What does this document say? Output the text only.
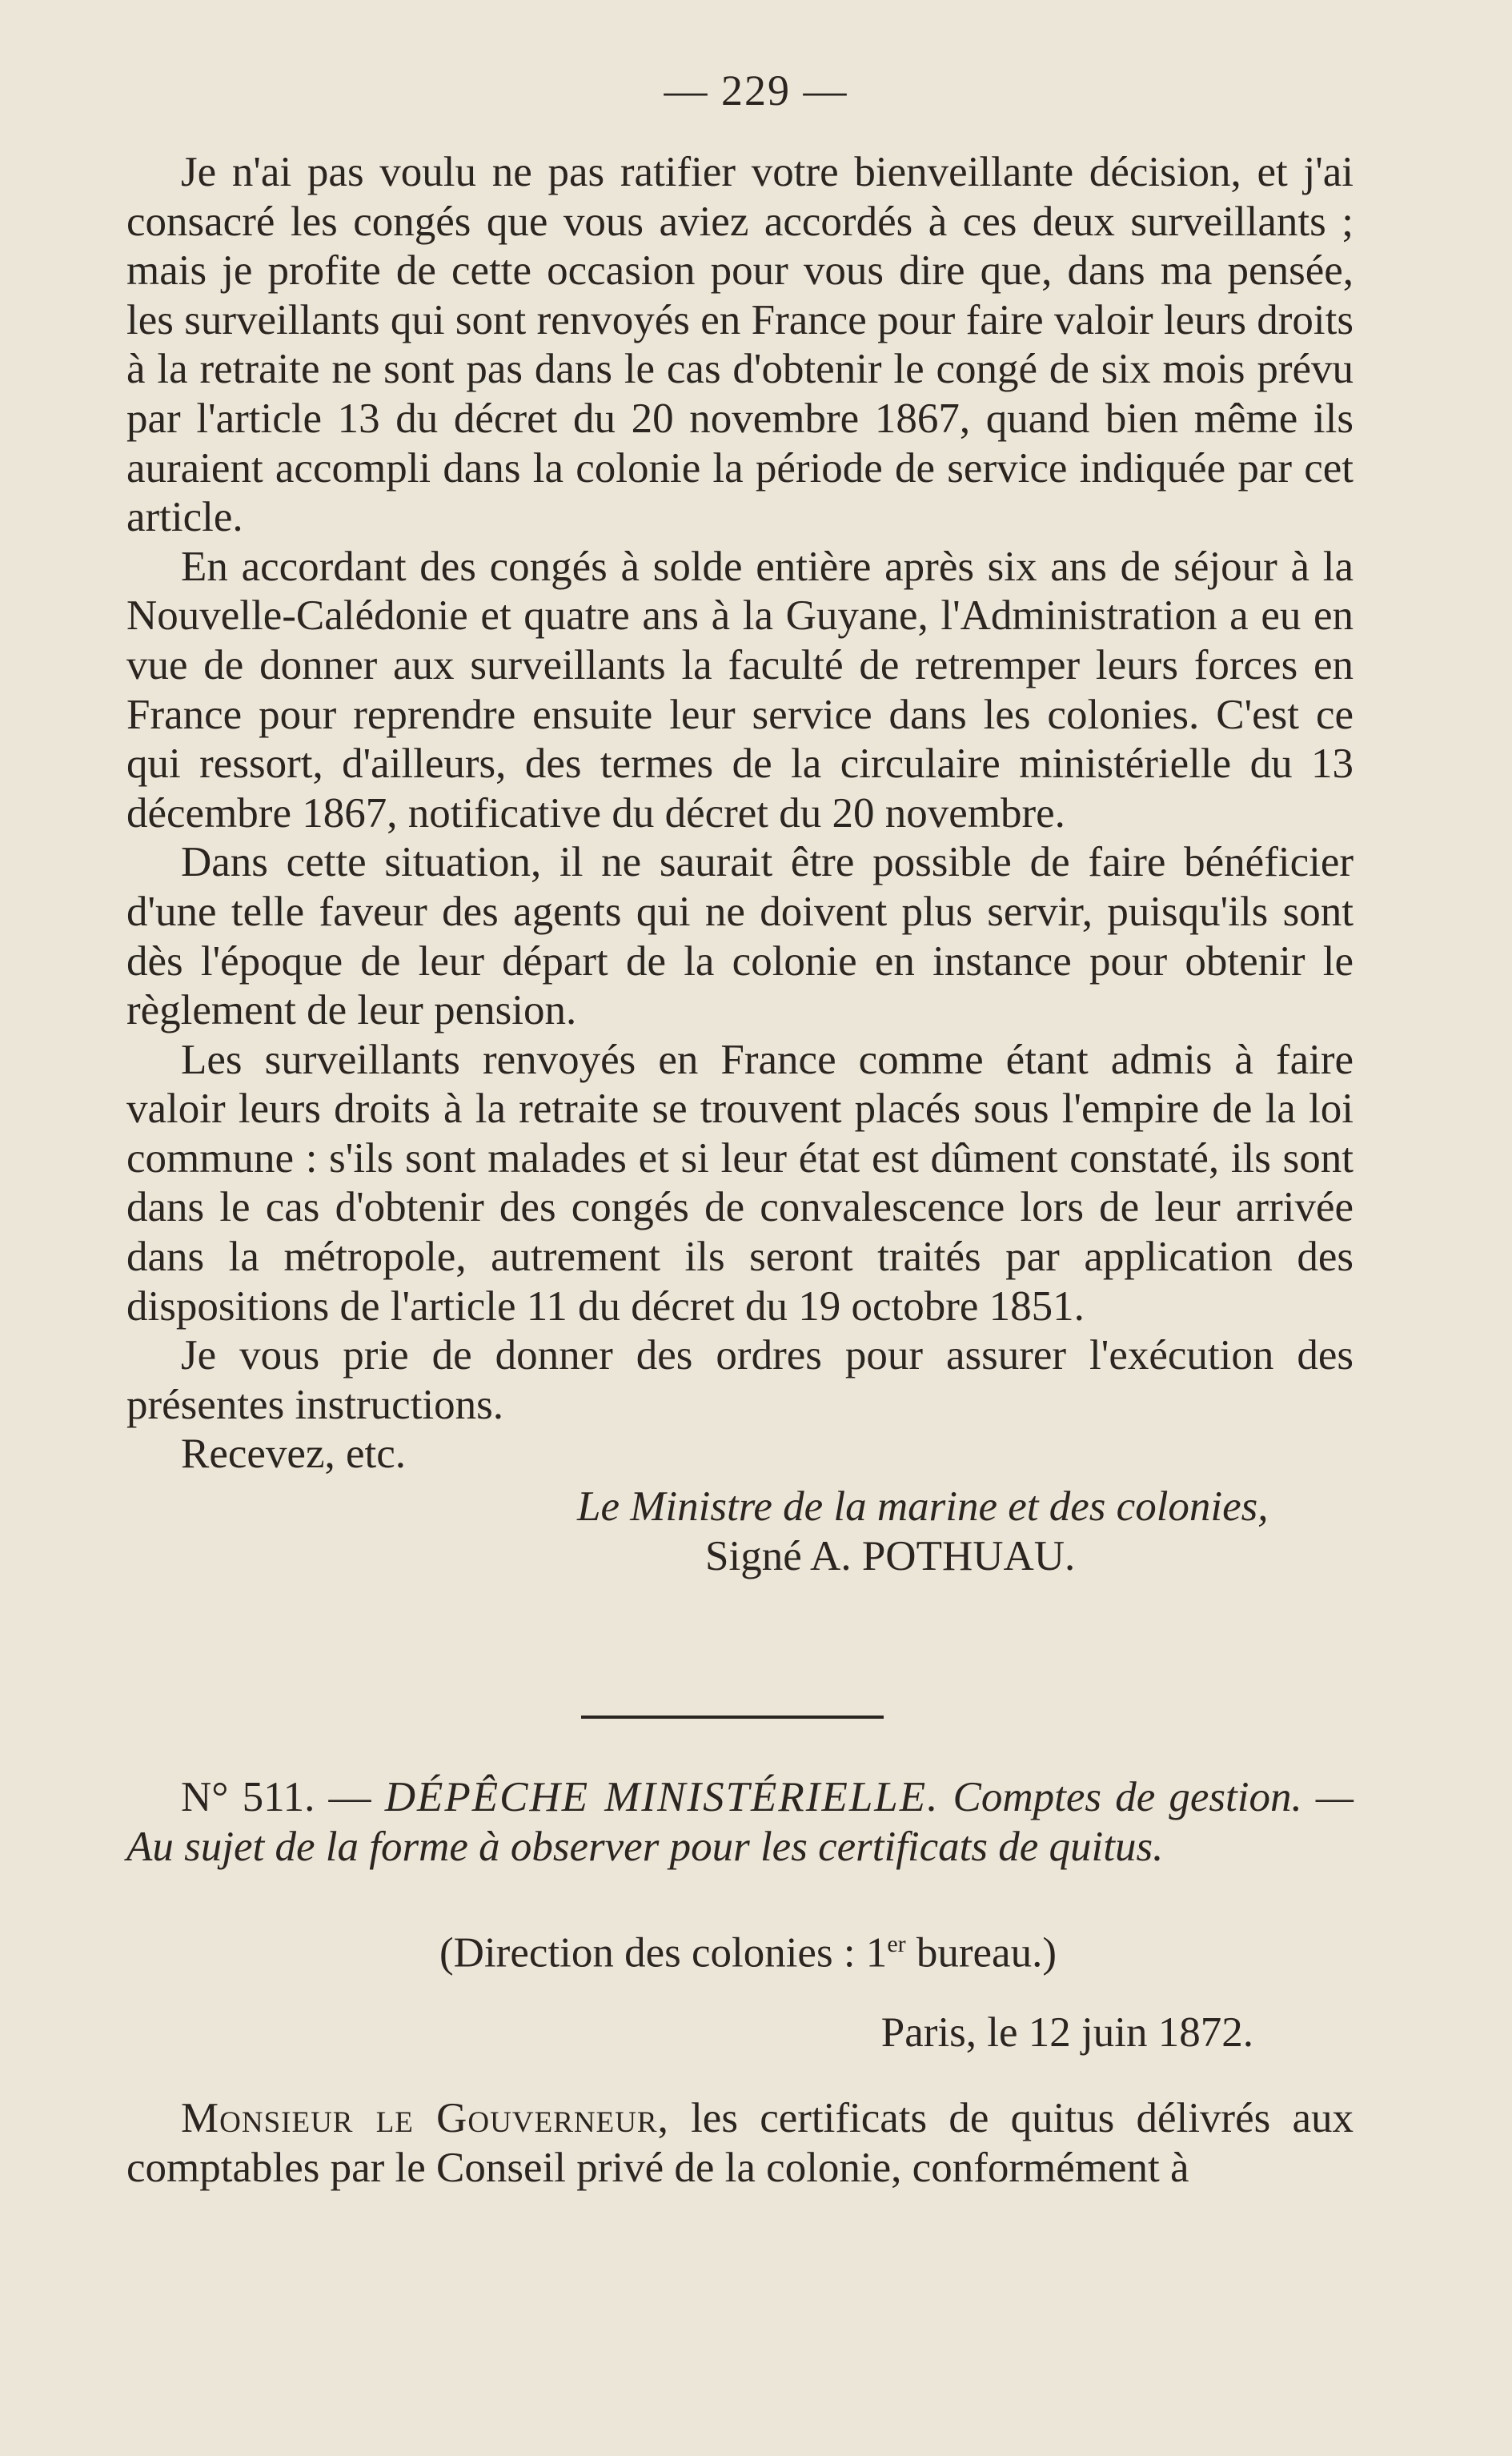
— 229 —

Je n'ai pas voulu ne pas ratifier votre bienveillante décision, et j'ai consacré les congés que vous aviez accordés à ces deux surveillants ; mais je profite de cette occasion pour vous dire que, dans ma pensée, les surveillants qui sont renvoyés en France pour faire valoir leurs droits à la retraite ne sont pas dans le cas d'obtenir le congé de six mois prévu par l'article 13 du décret du 20 novembre 1867, quand bien même ils auraient accompli dans la colonie la période de service indiquée par cet article.

En accordant des congés à solde entière après six ans de séjour à la Nouvelle-Calédonie et quatre ans à la Guyane, l'Administration a eu en vue de donner aux surveillants la faculté de retremper leurs forces en France pour reprendre ensuite leur service dans les colonies. C'est ce qui ressort, d'ailleurs, des termes de la circulaire ministérielle du 13 décembre 1867, notificative du décret du 20 novembre.

Dans cette situation, il ne saurait être possible de faire bénéficier d'une telle faveur des agents qui ne doivent plus servir, puisqu'ils sont dès l'époque de leur départ de la colonie en instance pour obtenir le règlement de leur pension.

Les surveillants renvoyés en France comme étant admis à faire valoir leurs droits à la retraite se trouvent placés sous l'empire de la loi commune : s'ils sont malades et si leur état est dûment constaté, ils sont dans le cas d'obtenir des congés de convalescence lors de leur arrivée dans la métropole, autrement ils seront traités par application des dispositions de l'article 11 du décret du 19 octobre 1851.

Je vous prie de donner des ordres pour assurer l'exécution des présentes instructions.

Recevez, etc.

Le Ministre de la marine et des colonies,

Signé A. POTHUAU.

N° 511. — DÉPÊCHE MINISTÉRIELLE. Comptes de gestion. — Au sujet de la forme à observer pour les certificats de quitus.

(Direction des colonies : 1er bureau.)

Paris, le 12 juin 1872.

Monsieur le Gouverneur, les certificats de quitus délivrés aux comptables par le Conseil privé de la colonie, conformément à
